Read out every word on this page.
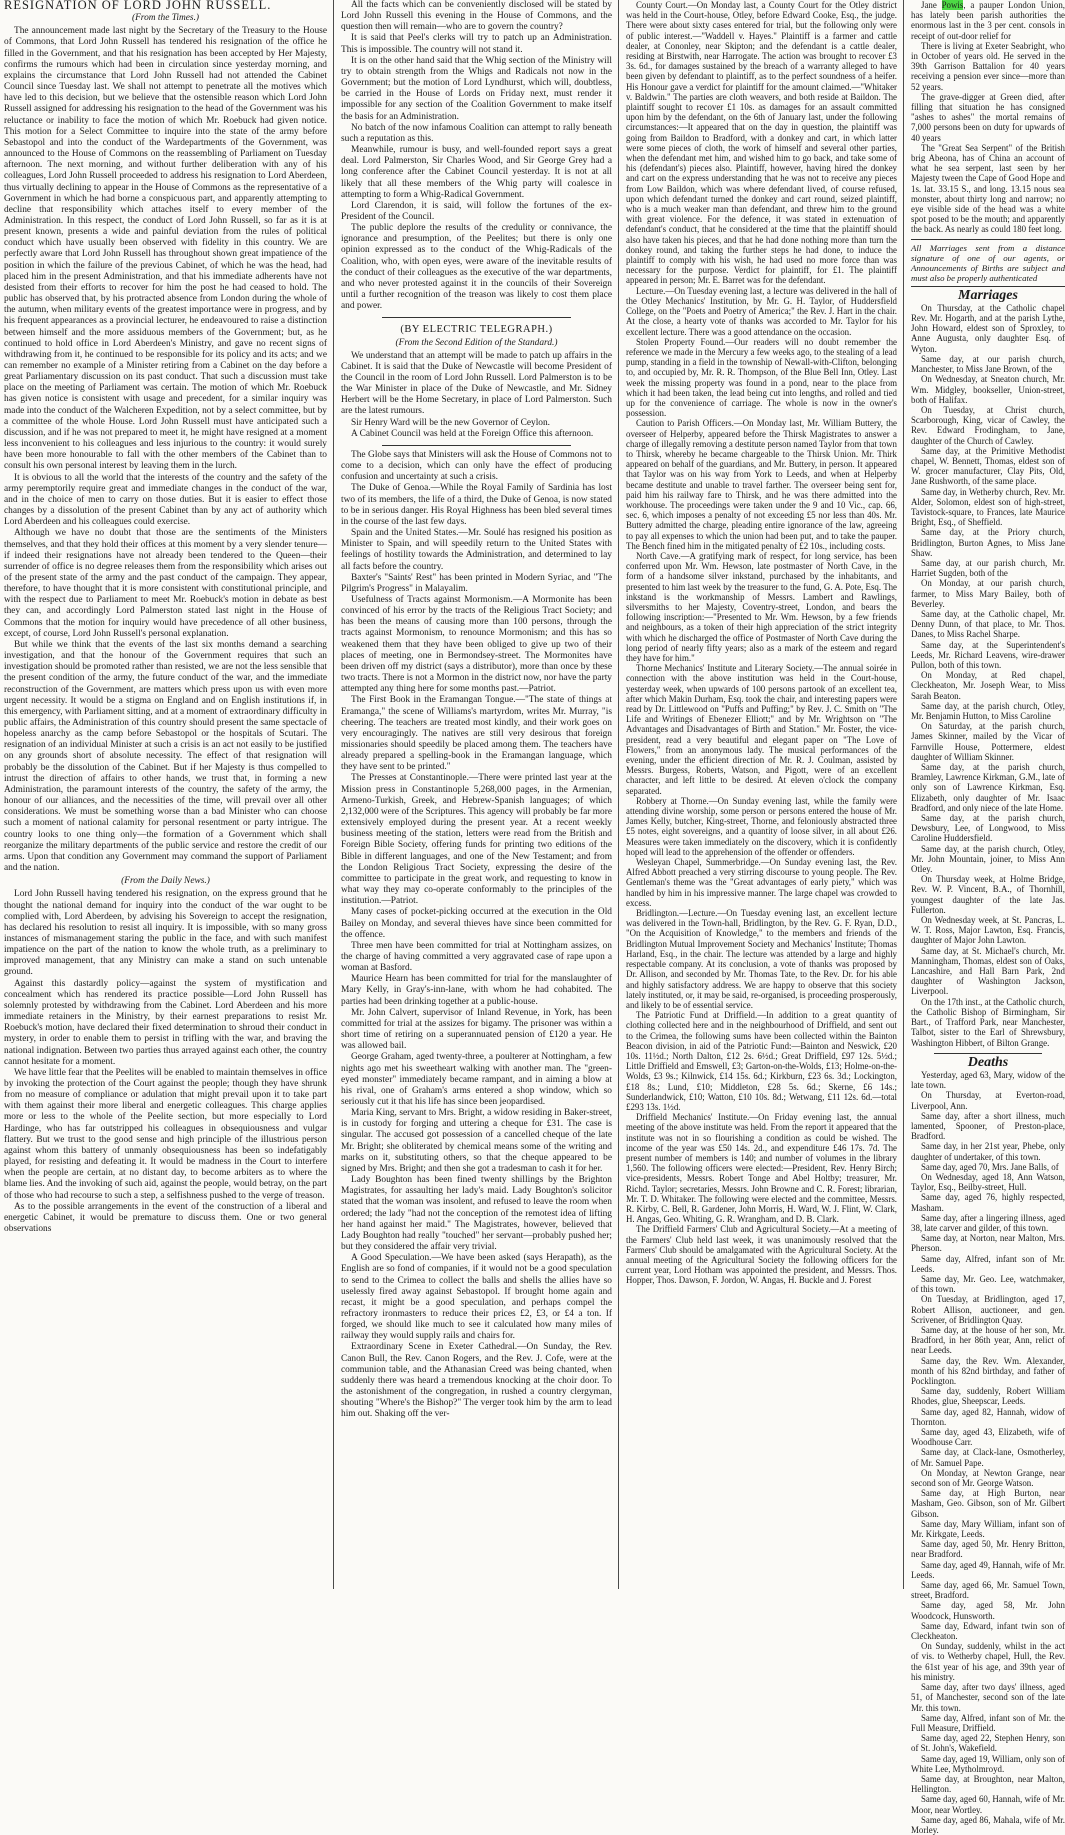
RESIGNATION OF LORD JOHN RUSSELL.
(From the Times.)

The announcement made last night by the Secretary of the Treasury to the House of Commons, that Lord John Russell has tendered his resignation of the office he filled in the Government, and that his resignation has been accepted by Her Majesty, confirms the rumours which had been in circulation since yesterday morning, and explains the circumstance that Lord John Russell had not attended the Cabinet Council since Tuesday last. We shall not attempt to penetrate all the motives which have led to this decision, but we believe that the ostensible reason which Lord John Russell assigned for addressing his resignation to the head of the Government was his reluctance or inability to face the motion of which Mr. Roebuck had given notice. This motion for a Select Committee to inquire into the state of the army before Sebastopol and into the conduct of the Wardepartments of the Government, was announced to the House of Commons on the reassembling of Parliament on Tuesday afternoon. The next morning, and without further deliberation with any of his colleagues, Lord John Russell proceeded to address his resignation to Lord Aberdeen, thus virtually declining to appear in the House of Commons as the representative of a Government in which he had borne a conspicuous part, and apparently attempting to decline that responsibility which attaches itself to every member of the Administration. In this respect, the conduct of Lord John Russell, so far as it is at present known, presents a wide and painful deviation from the rules of political conduct which have usually been observed with fidelity in this country. We are perfectly aware that Lord John Russell has throughout shown great impatience of the position in which the failure of the previous Cabinet, of which he was the head, had placed him in the present Administration, and that his immediate adherents have not desisted from their efforts to recover for him the post he had ceased to hold. The public has observed that, by his protracted absence from London during the whole of the autumn, when military events of the greatest importance were in progress, and by his frequent appearances as a provincial lecturer, he endeavoured to raise a distinction between himself and the more assiduous members of the Government; but, as he continued to hold office in Lord Aberdeen's Ministry, and gave no recent signs of withdrawing from it, he continued to be responsible for its policy and its acts; and we can remember no example of a Minister retiring from a Cabinet on the day before a great Parliamentary discussion on its past conduct. That such a discussion must take place on the meeting of Parliament was certain. The motion of which Mr. Roebuck has given notice is consistent with usage and precedent, for a similar inquiry was made into the conduct of the Walcheren Expedition, not by a select committee, but by a committee of the whole House. Lord John Russell must have anticipated such a discussion, and if he was not prepared to meet it, he might have resigned at a moment less inconvenient to his colleagues and less injurious to the country: it would surely have been more honourable to fall with the other members of the Cabinet than to consult his own personal interest by leaving them in the lurch.

It is obvious to all the world that the interests of the country and the safety of the army peremptorily require great and immediate changes in the conduct of the war, and in the choice of men to carry on those duties. But it is easier to effect those changes by a dissolution of the present Cabinet than by any act of authority which Lord Aberdeen and his colleagues could exercise.

Although we have no doubt that those are the sentiments of the Ministers themselves, and that they hold their offices at this moment by a very slender tenure—if indeed their resignations have not already been tendered to the Queen—their surrender of office is no degree releases them from the responsibility which arises out of the present state of the army and the past conduct of the campaign. They appear, therefore, to have thought that it is more consistent with constitutional principle, and with the respect due to Parliament to meet Mr. Roebuck's motion in debate as best they can, and accordingly Lord Palmerston stated last night in the House of Commons that the motion for inquiry would have precedence of all other business, except, of course, Lord John Russell's personal explanation.

But while we think that the events of the last six months demand a searching investigation, and that the honour of the Government requires that such an investigation should be promoted rather than resisted, we are not the less sensible that the present condition of the army, the future conduct of the war, and the immediate reconstruction of the Government, are matters which press upon us with even more urgent necessity. It would be a stigma on England and on English institutions if, in this emergency, with Parliament sitting, and at a moment of extraordinary difficulty in public affairs, the Administration of this country should present the same spectacle of hopeless anarchy as the camp before Sebastopol or the hospitals of Scutari. The resignation of an individual Minister at such a crisis is an act not easily to be justified on any grounds short of absolute necessity. The effect of that resignation will probably be the dissolution of the Cabinet. But if her Majesty is thus compelled to intrust the direction of affairs to other hands, we trust that, in forming a new Administration, the paramount interests of the country, the safety of the army, the honour of our alliances, and the necessities of the time, will prevail over all other considerations. We must be something worse than a bad Minister who can choose such a moment of national calamity for personal resentment or party intrigue. The country looks to one thing only—the formation of a Government which shall reorganize the military departments of the public service and restore the credit of our arms. Upon that condition any Government may command the support of Parliament and the nation.

(From the Daily News.)

Lord John Russell having tendered his resignation, on the express ground that he thought the national demand for inquiry into the conduct of the war ought to be complied with, Lord Aberdeen, by advising his Sovereign to accept the resignation, has declared his resolution to resist all inquiry. It is impossible, with so many gross instances of mismanagement staring the public in the face, and with such manifest impatience on the part of the nation to know the whole truth, as a preliminary to improved management, that any Ministry can make a stand on such untenable ground.

Against this dastardly policy—against the system of mystification and concealment which has rendered its practice possible—Lord John Russell has solemnly protested by withdrawing from the Cabinet. Lord Aberdeen and his more immediate retainers in the Ministry, by their earnest preparations to resist Mr. Roebuck's motion, have declared their fixed determination to shroud their conduct in mystery, in order to enable them to persist in trifling with the war, and braving the national indignation. Between two parties thus arrayed against each other, the country cannot hesitate for a moment.

We have little fear that the Peelites will be enabled to maintain themselves in office by invoking the protection of the Court against the people; though they have shrunk from no measure of compliance or adulation that might prevail upon it to take part with them against their more liberal and energetic colleagues. This charge applies more or less to the whole of the Peelite section, but more especially to Lord Hardinge, who has far outstripped his colleagues in obsequiousness and vulgar flattery. But we trust to the good sense and high principle of the illustrious person against whom this battery of unmanly obsequiousness has been so indefatigably played, for resisting and defeating it. It would be madness in the Court to interfere when the people are certain, at no distant day, to become arbiters as to where the blame lies. And the invoking of such aid, against the people, would betray, on the part of those who had recourse to such a step, a selfishness pushed to the verge of treason.

As to the possible arrangements in the event of the construction of a liberal and energetic Cabinet, it would be premature to discuss them. One or two general observations

All the facts which can be conveniently disclosed will be stated by Lord John Russell this evening in the House of Commons, and the question then will remain—who are to govern the country?

It is said that Peel's clerks will try to patch up an Administration. This is impossible. The country will not stand it.

It is on the other hand said that the Whig section of the Ministry will try to obtain strength from the Whigs and Radicals not now in the Government; but the motion of Lord Lyndhurst, which will, doubtless, be carried in the House of Lords on Friday next, must render it impossible for any section of the Coalition Government to make itself the basis for an Administration.

No batch of the now infamous Coalition can attempt to rally beneath such a reputation as this.

Meanwhile, rumour is busy, and well-founded report says a great deal. Lord Palmerston, Sir Charles Wood, and Sir George Grey had a long conference after the Cabinet Council yesterday. It is not at all likely that all these members of the Whig party will coalesce in attempting to form a Whig-Radical Government.

Lord Clarendon, it is said, will follow the fortunes of the ex-President of the Council.

The public deplore the results of the credulity or connivance, the ignorance and presumption, of the Peelites; but there is only one opinion expressed as to the conduct of the Whig-Radicals of the Coalition, who, with open eyes, were aware of the inevitable results of the conduct of their colleagues as the executive of the war departments, and who never protested against it in the councils of their Sovereign until a further recognition of the treason was likely to cost them place and power.

(BY ELECTRIC TELEGRAPH.)
(From the Second Edition of the Standard.)

We understand that an attempt will be made to patch up affairs in the Cabinet. It is said that the Duke of Newcastle will become President of the Council in the room of Lord John Russell. Lord Palmerston is to be the War Minister in place of the Duke of Newcastle, and Mr. Sidney Herbert will be the Home Secretary, in place of Lord Palmerston. Such are the latest rumours.

Sir Henry Ward will be the new Governor of Ceylon.

A Cabinet Council was held at the Foreign Office this afternoon.

The Globe says that Ministers will ask the House of Commons not to come to a decision, which can only have the effect of producing confusion and uncertainty at such a crisis.

The Duke of Genoa.—While the Royal Family of Sardinia has lost two of its members, the life of a third, the Duke of Genoa, is now stated to be in serious danger. His Royal Highness has been bled several times in the course of the last few days.

Spain and the United States.—Mr. Soulé has resigned his position as Minister to Spain, and will speedily return to the United States with feelings of hostility towards the Administration, and determined to lay all facts before the country.

Baxter's "Saints' Rest" has been printed in Modern Syriac, and "The Pilgrim's Progress" in Malayalim.

Usefulness of Tracts against Mormonism.—A Mormonite has been convinced of his error by the tracts of the Religious Tract Society; and has been the means of causing more than 100 persons, through the tracts against Mormonism, to renounce Mormonism; and this has so weakened them that they have been obliged to give up two of their places of meeting, one in Bermondsey-street. The Mormonites have been driven off my district (says a distributor), more than once by these two tracts. There is not a Mormon in the district now, nor have the party attempted any thing here for some months past.—Patriot.

The First Book in the Eramangan Tongue.—"The state of things at Eramanga," the scene of Williams's martyrdom, writes Mr. Murray, "is cheering. The teachers are treated most kindly, and their work goes on very encouragingly. The natives are still very desirous that foreign missionaries should speedily be placed among them. The teachers have already prepared a spelling-book in the Eramangan language, which they have sent to be printed."

The Presses at Constantinople.—There were printed last year at the Mission press in Constantinople 5,268,000 pages, in the Armenian, Armeno-Turkish, Greek, and Hebrew-Spanish languages; of which 2,132,000 were of the Scriptures. This agency will probably be far more extensively employed during the present year. At a recent weekly business meeting of the station, letters were read from the British and Foreign Bible Society, offering funds for printing two editions of the Bible in different languages, and one of the New Testament; and from the London Religious Tract Society, expressing the desire of the committee to participate in the great work, and requesting to know in what way they may co-operate conformably to the principles of the institution.—Patriot.

Many cases of pocket-picking occurred at the execution in the Old Bailey on Monday, and several thieves have since been committed for the offence.

Three men have been committed for trial at Nottingham assizes, on the charge of having committed a very aggravated case of rape upon a woman at Basford.

Maurice Hearn has been committed for trial for the manslaughter of Mary Kelly, in Gray's-inn-lane, with whom he had cohabited. The parties had been drinking together at a public-house.

Mr. John Calvert, supervisor of Inland Revenue, in York, has been committed for trial at the assizes for bigamy. The prisoner was within a short time of retiring on a superannuated pension of £120 a year. He was allowed bail.

George Graham, aged twenty-three, a poulterer at Nottingham, a few nights ago met his sweetheart walking with another man. The "green-eyed monster" immediately became rampant, and in aiming a blow at his rival, one of Graham's arms entered a shop window, which so seriously cut it that his life has since been jeopardised.

Maria King, servant to Mrs. Bright, a widow residing in Baker-street, is in custody for forging and uttering a cheque for £31. The case is singular. The accused got possession of a cancelled cheque of the late Mr. Bright; she obliterated by chemical means some of the writing and marks on it, substituting others, so that the cheque appeared to be signed by Mrs. Bright; and then she got a tradesman to cash it for her.

Lady Boughton has been fined twenty shillings by the Brighton Magistrates, for assaulting her lady's maid. Lady Boughton's solicitor stated that the woman was insolent, and refused to leave the room when ordered; the lady "had not the conception of the remotest idea of lifting her hand against her maid." The Magistrates, however, believed that Lady Boughton had really "touched" her servant—probably pushed her; but they considered the affair very trivial.

A Good Speculation.—We have been asked (says Herapath), as the English are so fond of companies, if it would not be a good speculation to send to the Crimea to collect the balls and shells the allies have so uselessly fired away against Sebastopol. If brought home again and recast, it might be a good speculation, and perhaps compel the refractory ironmasters to reduce their prices £2, £3, or £4 a ton. If forged, we should like much to see it calculated how many miles of railway they would supply rails and chairs for.

Extraordinary Scene in Exeter Cathedral.—On Sunday, the Rev. Canon Bull, the Rev. Canon Rogers, and the Rev. J. Cofe, were at the communion table, and the Athanasian Creed was being chanted, when suddenly there was heard a tremendous knocking at the choir door. To the astonishment of the congregation, in rushed a country clergyman, shouting "Where's the Bishop?" The verger took him by the arm to lead him out. Shaking off the ver-

County Court.—On Monday last, a County Court for the Otley district was held in the Court-house, Otley, before Edward Cooke, Esq., the judge. There were about sixty cases entered for trial, but the following only were of public interest.—"Waddell v. Hayes." Plaintiff is a farmer and cattle dealer, at Cononley, near Skipton; and the defendant is a cattle dealer, residing at Birstwith, near Harrogate. The action was brought to recover £3 3s. 6d., for damages sustained by the breach of a warranty alleged to have been given by defendant to plaintiff, as to the perfect soundness of a heifer. His Honour gave a verdict for plaintiff for the amount claimed.—"Whitaker v. Baldwin." The parties are cloth weavers, and both reside at Baildon. The plaintiff sought to recover £1 10s. as damages for an assault committed upon him by the defendant, on the 6th of January last, under the following circumstances:—It appeared that on the day in question, the plaintiff was going from Baildon to Bradford, with a donkey and cart, in which latter were some pieces of cloth, the work of himself and several other parties, when the defendant met him, and wished him to go back, and take some of his (defendant's) pieces also. Plaintiff, however, having hired the donkey and cart on the express understanding that he was not to receive any pieces from Low Baildon, which was where defendant lived, of course refused, upon which defendant turned the donkey and cart round, seized plaintiff, who is a much weaker man than defendant, and threw him to the ground with great violence. For the defence, it was stated in extenuation of defendant's conduct, that he considered at the time that the plaintiff should also have taken his pieces, and that he had done nothing more than turn the donkey round, and taking the further steps he had done, to induce the plaintiff to comply with his wish, he had used no more force than was necessary for the purpose. Verdict for plaintiff, for £1. The plaintiff appeared in person; Mr. E. Barret was for the defendant.

Lecture.—On Tuesday evening last, a lecture was delivered in the hall of the Otley Mechanics' Institution, by Mr. G. H. Taylor, of Huddersfield College, on the "Poets and Poetry of America;" the Rev. J. Hart in the chair. At the close, a hearty vote of thanks was accorded to Mr. Taylor for his excellent lecture. There was a good attendance on the occasion.

Stolen Property Found.—Our readers will no doubt remember the reference we made in the Mercury a few weeks ago, to the stealing of a lead pump, standing in a field in the township of Newall-with-Clifton, belonging to, and occupied by, Mr. R. R. Thompson, of the Blue Bell Inn, Otley. Last week the missing property was found in a pond, near to the place from which it had been taken, the lead being cut into lengths, and rolled and tied up for the convenience of carriage. The whole is now in the owner's possession.

Caution to Parish Officers.—On Monday last, Mr. William Buttery, the overseer of Helperby, appeared before the Thirsk Magistrates to answer a charge of illegally removing a destitute person named Taylor from that town to Thirsk, whereby he became chargeable to the Thirsk Union. Mr. Thirk appeared on behalf of the guardians, and Mr. Buttery, in person. It appeared that Taylor was on his way from York to Leeds, and when at Helperby became destitute and unable to travel farther. The overseer being sent for, paid him his railway fare to Thirsk, and he was there admitted into the workhouse. The proceedings were taken under the 9 and 10 Vic., cap. 66, sec. 6, which imposes a penalty of not exceeding £5 nor less than 40s. Mr. Buttery admitted the charge, pleading entire ignorance of the law, agreeing to pay all expenses to which the union had been put, and to take the pauper. The Bench fined him in the mitigated penalty of £2 10s., including costs.

North Cave.—A gratifying mark of respect, for long service, has been conferred upon Mr. Wm. Hewson, late postmaster of North Cave, in the form of a handsome silver inkstand, purchased by the inhabitants, and presented to him last week by the treasurer to the fund, G. A. Pote, Esq. The inkstand is the workmanship of Messrs. Lambert and Rawlings, silversmiths to her Majesty, Coventry-street, London, and bears the following inscription:—"Presented to Mr. Wm. Hewson, by a few friends and neighbours, as a token of their high appreciation of the strict integrity with which he discharged the office of Postmaster of North Cave during the long period of nearly fifty years; also as a mark of the esteem and regard they have for him."

Thorne Mechanics' Institute and Literary Society.—The annual soirée in connection with the above institution was held in the Court-house, yesterday week, when upwards of 100 persons partook of an excellent tea, after which Makin Durham, Esq. took the chair, and interesting papers were read by Dr. Littlewood on "Puffs and Puffing;" by Rev. J. C. Smith on "The Life and Writings of Ebenezer Elliott;" and by Mr. Wrightson on "The Advantages and Disadvantages of Birth and Station." Mr. Foster, the vice-president, read a very beautiful and elegant paper on "The Love of Flowers," from an anonymous lady. The musical performances of the evening, under the efficient direction of Mr. R. J. Coulman, assisted by Messrs. Burgess, Roberts, Watson, and Pigott, were of an excellent character, and left little to be desired. At eleven o'clock the company separated.

Robbery at Thorne.—On Sunday evening last, while the family were attending divine worship, some person or persons entered the house of Mr. James Kelly, butcher, King-street, Thorne, and feloniously abstracted three £5 notes, eight sovereigns, and a quantity of loose silver, in all about £26. Measures were taken immediately on the discovery, which it is confidently hoped will lead to the apprehension of the offender or offenders.

Wesleyan Chapel, Summerbridge.—On Sunday evening last, the Rev. Alfred Abbott preached a very stirring discourse to young people. The Rev. Gentleman's theme was the "Great advantages of early piety," which was handled by him in his impressive manner. The large chapel was crowded to excess.

Bridlington.—Lecture.—On Tuesday evening last, an excellent lecture was delivered in the Town-hall, Bridlington, by the Rev. G. F. Ryan, D.D., "On the Acquisition of Knowledge," to the members and friends of the Bridlington Mutual Improvement Society and Mechanics' Institute; Thomas Harland, Esq., in the chair. The lecture was attended by a large and highly respectable company. At its conclusion, a vote of thanks was proposed by Dr. Allison, and seconded by Mr. Thomas Tate, to the Rev. Dr. for his able and highly satisfactory address. We are happy to observe that this society lately instituted, or, it may be said, re-organised, is proceeding prosperously, and likely to be of essential service.

The Patriotic Fund at Driffield.—In addition to a great quantity of clothing collected here and in the neighbourhood of Driffield, and sent out to the Crimea, the following sums have been collected within the Bainton Beacon division, in aid of the Patriotic Fund:—Bainton and Neswick, £20 10s. 11½d.; North Dalton, £12 2s. 6½d.; Great Driffield, £97 12s. 5½d.; Little Driffield and Emswell, £3; Garton-on-the-Wolds, £13; Holme-on-the-Wolds, £3 9s.; Kilnwick, £14 15s. 6d.; Kirkburn, £23 6s. 3d.; Lockington, £18 8s.; Lund, £10; Middleton, £28 5s. 6d.; Skerne, £6 14s.; Sunderlandwick, £10; Watton, £10 10s. 8d.; Wetwang, £11 12s. 6d.—total £293 13s. 1½d.

Driffield Mechanics' Institute.—On Friday evening last, the annual meeting of the above institute was held. From the report it appeared that the institute was not in so flourishing a condition as could be wished. The income of the year was £50 14s. 2d., and expenditure £46 17s. 7d. The present number of members is 140; and number of volumes in the library 1,560. The following officers were elected:—President, Rev. Henry Birch; vice-presidents, Messrs. Robert Tonge and Abel Holtby; treasurer, Mr. Richd. Taylor; secretaries, Messrs. John Browne and C. R. Forest; librarian, Mr. T. D. Whitaker. The following were elected and the committee, Messrs. R. Kirby, C. Bell, R. Gardener, John Morris, H. Ward, W. J. Flint, W. Clark, H. Angas, Geo. Whiting, G. R. Wrangham, and D. B. Clark.

The Driffield Farmers' Club and Agricultural Society.—At a meeting of the Farmers' Club held last week, it was unanimously resolved that the Farmers' Club should be amalgamated with the Agricultural Society. At the annual meeting of the Agricultural Society the following officers for the current year, Lord Hotham was appointed the president, and Messrs. Thos. Hopper, Thos. Dawson, F. Jordon, W. Angas, H. Buckle and J. Forest

Jane Powis, a pauper London Union, has lately been parish authorities the enormous last in the 3 per cent. consols in receipt of out-door relief for

There is living at Exeter Seabright, who in October of years old. He served in the 39th Garrison Battalion for 40 years receiving a pension ever since—more than 52 years.

The grave-digger at Green died, after filling that situation he has consigned "ashes to ashes" the mortal remains of 7,000 persons been on duty for upwards of 40 years

The "Great Sea Serpent" of the British brig Abeona, has of China an account of what he sea serpent, last seen by her Majesty tween the Cape of Good Hope and 1s. lat. 33.15 S., and long. 13.15 nous sea monster, about thirty long and narrow; no eye visible side of the head was a white spot posed to be the mouth; and apparently the back. As nearly as could 180 feet long.

All Marriages sent from a distance signature of one of our agents, or Announcements of Births are subject and must also be properly authenticated
Marriages

On Thursday, at the Catholic chapel Rev. Mr. Hogarth, and at the parish Lythe, John Howard, eldest son of Sproxley, to Anne Augusta, only daughter Esq. of Wyton.

Same day, at our parish church, Manchester, to Miss Jane Brown, of the

On Wednesday, at Sneaton church, Mr. Wm. Midgley, bookseller, Union-street, both of Halifax.

On Tuesday, at Christ church, Scarborough, King, vicar of Cawley, the Rev. Edward Frodingham, to Jane, daughter of the Church of Cawley.

Same day, at the Primitive Methodist chapel, W. Bennett, Thomas, eldest son of W. grocer manufacturer, Clay Pits, Old, Jane Rushworth, of the same place.

Same day, in Wetherby church, Rev. Mr. Alder, Solomon, eldest son of high-street, Tavistock-square, to Frances, late Maurice Bright, Esq., of Sheffield.

Same day, at the Priory church, Bridlington, Burton Agnes, to Miss Jane Shaw.

Same day, at our parish church, Mr. Harriet Sugden, both of the

On Monday, at our parish church, farmer, to Miss Mary Bailey, both of Beverley.

Same day, at the Catholic chapel, Mr. Denny Dunn, of that place, to Mr. Thos. Danes, to Miss Rachel Sharpe.

Same day, at the Superintendent's Leeds, Mr. Richard Leavens, wire-drawer Pullon, both of this town.

On Monday, at Red chapel, Cleckheaton, Mr. Joseph Wear, to Miss Sarah Beaton.

Same day, at the parish church, Otley, Mr. Benjamin Hutton, to Miss Caroline

On Saturday, at the parish church, James Skinner, mailed by the Vicar of Farnville House, Pottermere, eldest daughter of William Skinner.

Same day, at the parish church, Bramley, Lawrence Kirkman, G.M., late of only son of Lawrence Kirkman, Esq. Elizabeth, only daughter of Mr. Isaac Bradford, and only niece of the late Home.

Same day, at the parish church, Dewsbury, Lee, of Longwood, to Miss Caroline Huddersfield.

Same day, at the parish church, Otley, Mr. John Mountain, joiner, to Miss Ann Otley.

On Thursday week, at Holme Bridge, Rev. W. P. Vincent, B.A., of Thornhill, youngest daughter of the late Jas. Fullerton.

On Wednesday week, at St. Pancras, L. W. T. Ross, Major Lawton, Esq. Francis, daughter of Major John Lawton.

Same day, at St. Michael's church, Mr. Manningham, Thomas, eldest son of Oaks, Lancashire, and Hall Barn Park, 2nd daughter of Washington Jackson, Liverpool.

On the 17th inst., at the Catholic church, the Catholic Bishop of Birmingham, Sir Bart., of Trafford Park, near Manchester, Talbot, sister to the Earl of Shrewsbury, Washington Hibbert, of Bilton Grange.

Deaths

Yesterday, aged 63, Mary, widow of the late town.

On Thursday, at Everton-road, Liverpool, Ann.

Same day, after a short illness, much lamented, Spooner, of Preston-place, Bradford.

Same day, in her 21st year, Phebe, only daughter of undertaker, of this town.

Same day, aged 70, Mrs. Jane Balls, of

On Wednesday, aged 18, Ann Watson, Taylor, Esq., Beilby-street, Hull.

Same day, aged 76, highly respected, Masham.

Same day, after a lingering illness, aged 38, late carver and gilder, of this town.

Same day, at Norton, near Malton, Mrs. Pherson.

Same day, Alfred, infant son of Mr. Leeds.

Same day, Mr. Geo. Lee, watchmaker, of this town.

On Tuesday, at Bridlington, aged 17, Robert Allison, auctioneer, and gen. Scrivener, of Bridlington Quay.

Same day, at the house of her son, Mr. Bradford, in her 86th year, Ann, relict of near Leeds.

Same day, the Rev. Wm. Alexander, month of his 82nd birthday, and father of Pocklington.

Same day, suddenly, Robert William Rhodes, glue, Sheepscar, Leeds.

Same day, aged 82, Hannah, widow of Thornton.

Same day, aged 43, Elizabeth, wife of Woodhouse Carr.

Same day, at Clack-lane, Osmotherley, of Mr. Samuel Pape.

On Monday, at Newton Grange, near second son of Mr. George Watson.

Same day, at High Burton, near Masham, Geo. Gibson, son of Mr. Gilbert Gibson.

Same day, Mary William, infant son of Mr. Kirkgate, Leeds.

Same day, aged 50, Mr. Henry Britton, near Bradford.

Same day, aged 49, Hannah, wife of Mr. Leeds.

Same day, aged 66, Mr. Samuel Town, street, Bradford.

Same day, aged 58, Mr. John Woodcock, Hunsworth.

Same day, Edward, infant twin son of Cleckheaton.

On Sunday, suddenly, whilst in the act of vis. to Wetherby chapel, Hull, the Rev. the 61st year of his age, and 39th year of his ministry.

Same day, after two days' illness, aged 51, of Manchester, second son of the late Mr. this town.

Same day, Alfred, infant son of Mr. the Full Measure, Driffield.

Same day, aged 22, Stephen Henry, son of St. John's, Wakefield.

Same day, aged 19, William, only son of White Lee, Mytholmroyd.

Same day, at Broughton, near Malton, Hellington.

Same day, aged 60, Hannah, wife of Mr. Moor, near Wortley.

Same day, aged 86, Mahala, wife of Mr. Morley.
